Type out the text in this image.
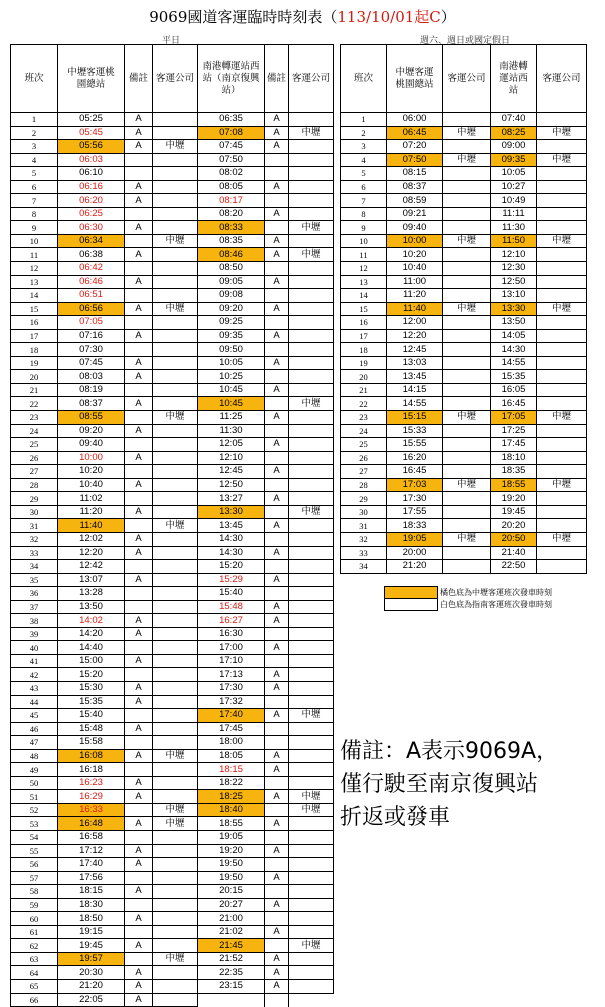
9069國道客運臨時時刻表（113/10/01起C）
平日	週六、週日或國定假日
班次	中壢客運桃園總站	備註	客運公司	南港轉運站西站（南京復興站）	備註	客運公司
1	05:25	A		06:35	A	
2	05:45	A		07:08	A	中壢
3	05:56	A	中壢	07:45	A	
4	06:03			07:50		
5	06:10			08:02		
6	06:16	A		08:05	A	
7	06:20	A		08:17		
8	06:25			08:20	A	
9	06:30	A		08:33		中壢
10	06:34		中壢	08:35	A	
11	06:38	A		08:46	A	中壢
12	06:42			08:50		
13	06:46	A		09:05	A	
14	06:51			09:08		
15	06:56	A	中壢	09:20	A	
16	07:05			09:25		
17	07:16	A		09:35	A	
18	07:30			09:50		
19	07:45	A		10:05	A	
20	08:03	A		10:25		
21	08:19			10:45	A	
22	08:37	A		10:45		中壢
23	08:55		中壢	11:25	A	
24	09:20	A		11:30		
25	09:40			12:05	A	
26	10:00	A		12:10		
27	10:20			12:45	A	
28	10:40	A		12:50		
29	11:02			13:27	A	
30	11:20	A		13:30		中壢
31	11:40		中壢	13:45	A	
32	12:02	A		14:30		
33	12:20	A		14:30	A	
34	12:42			15:20		
35	13:07	A		15:29	A	
36	13:28			15:40		
37	13:50			15:48	A	
38	14:02	A		16:27	A	
39	14:20	A		16:30		
40	14:40			17:00	A	
41	15:00	A		17:10		
42	15:20			17:13	A	
43	15:30	A		17:30	A	
44	15:35	A		17:32		
45	15:40			17:40	A	中壢
46	15:48	A		17:45		
47	15:58			18:00		
48	16:08	A	中壢	18:05	A	
49	16:18			18:15	A	
50	16:23	A		18:22		
51	16:29	A		18:25	A	中壢
52	16:33		中壢	18:40		中壢
53	16:48	A	中壢	18:55	A	
54	16:58			19:05		
55	17:12	A		19:20	A	
56	17:40	A		19:50		
57	17:56			19:50	A	
58	18:15	A		20:15		
59	18:30			20:27	A	
60	18:50	A		21:00		
61	19:15			21:02	A	
62	19:45	A		21:45		中壢
63	19:57		中壢	21:52	A	
64	20:30	A		22:35	A	
65	21:20	A		23:15	A	
66	22:05	A				
班次	中壢客運桃園總站	客運公司	南港轉運站西站	客運公司
1	06:00		07:40	
2	06:45	中壢	08:25	中壢
3	07:20		09:00	
4	07:50	中壢	09:35	中壢
5	08:15		10:05	
6	08:37		10:27	
7	08:59		10:49	
8	09:21		11:11	
9	09:40		11:30	
10	10:00	中壢	11:50	中壢
11	10:20		12:10	
12	10:40		12:30	
13	11:00		12:50	
14	11:20		13:10	
15	11:40	中壢	13:30	中壢
16	12:00		13:50	
17	12:20		14:05	
18	12:45		14:30	
19	13:03		14:55	
20	13:45		15:35	
21	14:15		16:05	
22	14:55		16:45	
23	15:15	中壢	17:05	中壢
24	15:33		17:25	
25	15:55		17:45	
26	16:20		18:10	
27	16:45		18:35	
28	17:03	中壢	18:55	中壢
29	17:30		19:20	
30	17:55		19:45	
31	18:33		20:20	
32	19:05	中壢	20:50	中壢
33	20:00		21:40	
34	21:20		22:50	
橘色底為中壢客運班次發車時刻
白色底為指南客運班次發車時刻
備註：A表示9069A，
僅行駛至南京復興站
折返或發車
